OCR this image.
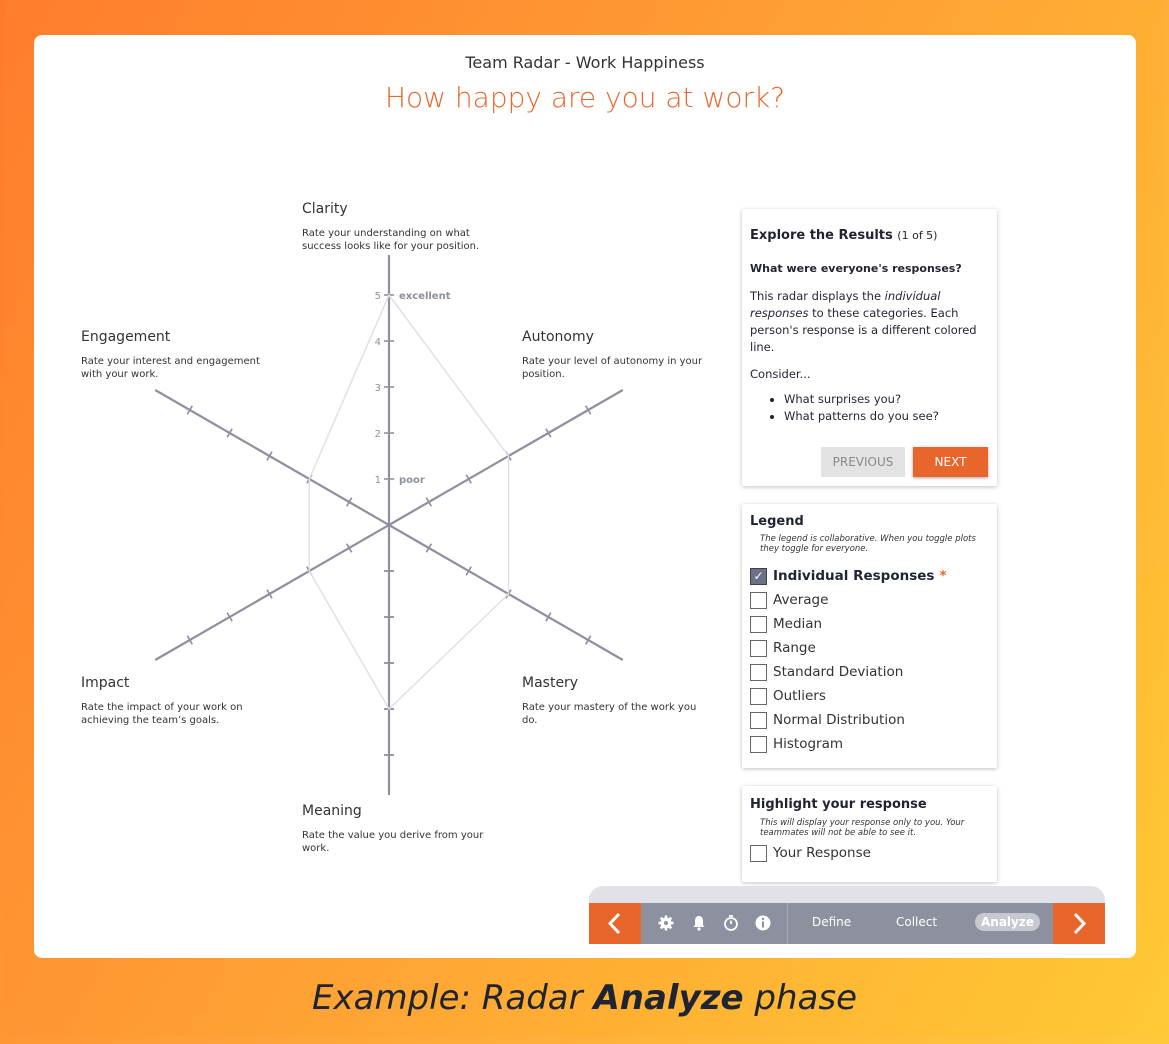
Team Radar - Work Happiness
How happy are you at work?
5
4
3
2
1
excellent
poor
Clarity
Rate your understanding on what success looks like for your position.
Autonomy
Rate your level of autonomy in your position.
Mastery
Rate your mastery of the work you do.
Meaning
Rate the value you derive from your work.
Impact
Rate the impact of your work on achieving the team’s goals.
Engagement
Rate your interest and engagement with your work.
Explore the Results (1 of 5)
What were everyone's responses?
This radar displays the individual responses to these categories. Each person's response is a different colored line.
Consider...
• What surprises you?
• What patterns do you see?
PREVIOUS	NEXT
Legend
The legend is collaborative. When you toggle plots they toggle for everyone.
✓ Individual Responses *
Average
Median
Range
Standard Deviation
Outliers
Normal Distribution
Histogram
Highlight your response
This will display your response only to you. Your teammates will not be able to see it.
Your Response
Define	Collect	Analyze
Example: Radar Analyze phase
